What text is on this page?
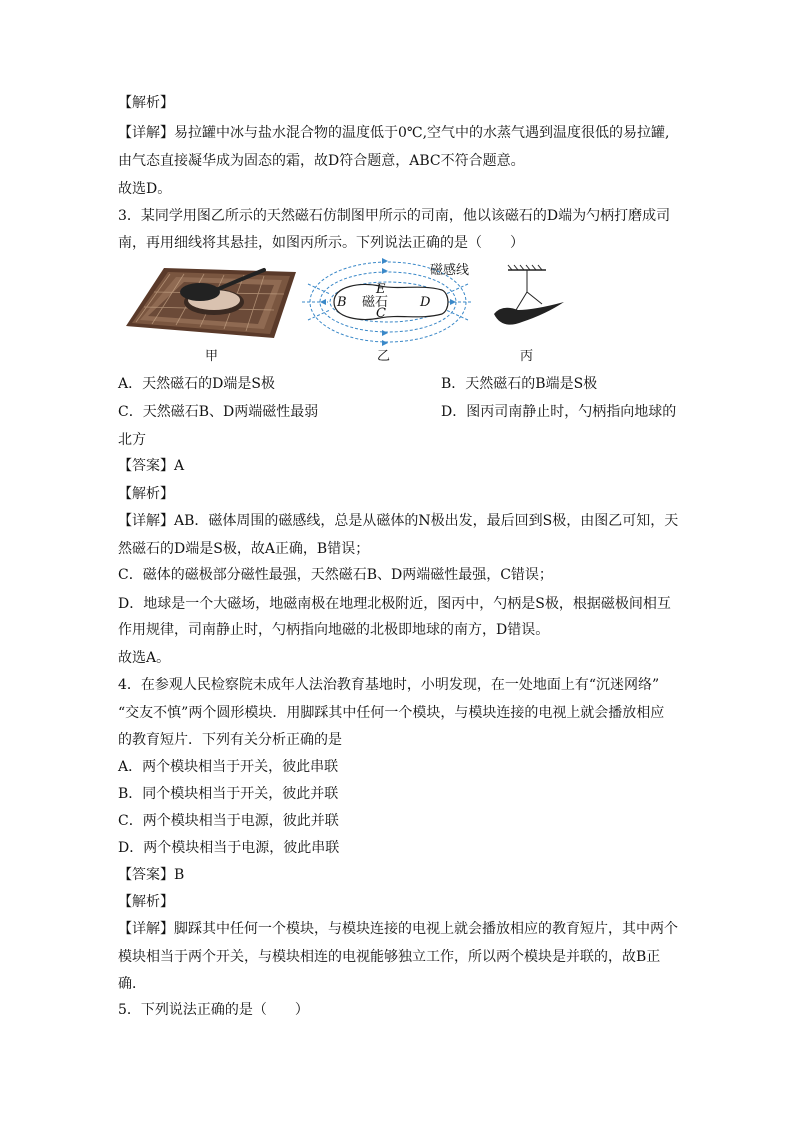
【解析】
【详解】易拉罐中冰与盐水混合物的温度低于0℃,空气中的水蒸气遇到温度很低的易拉罐,
由气态直接凝华成为固态的霜，故D符合题意，ABC不符合题意。
故选D。
3．某同学用图乙所示的天然磁石仿制图甲所示的司南，他以该磁石的D端为勺柄打磨成司
南，再用细线将其悬挂，如图丙所示。下列说法正确的是（　　）
甲
B 磁石
E
C
D
磁感线
乙	丙
A．天然磁石的D端是S极	B．天然磁石的B端是S极
C．天然磁石B、D两端磁性最弱	D．图丙司南静止时，勺柄指向地球的
北方
【答案】A
【解析】
【详解】AB．磁体周围的磁感线，总是从磁体的N极出发，最后回到S极，由图乙可知，天
然磁石的D端是S极，故A正确，B错误；
C．磁体的磁极部分磁性最强，天然磁石B、D两端磁性最强，C错误；
D．地球是一个大磁场，地磁南极在地理北极附近，图丙中，勺柄是S极，根据磁极间相互
作用规律，司南静止时，勺柄指向地磁的北极即地球的南方，D错误。
故选A。
4．在参观人民检察院未成年人法治教育基地时，小明发现，在一处地面上有“沉迷网络”
“交友不慎”两个圆形模块．用脚踩其中任何一个模块，与模块连接的电视上就会播放相应
的教育短片．下列有关分析正确的是
A．两个模块相当于开关，彼此串联
B．同个模块相当于开关，彼此并联
C．两个模块相当于电源，彼此并联
D．两个模块相当于电源，彼此串联
【答案】B
【解析】
【详解】脚踩其中任何一个模块，与模块连接的电视上就会播放相应的教育短片，其中两个
模块相当于两个开关，与模块相连的电视能够独立工作，所以两个模块是并联的，故B正
确．
5．下列说法正确的是（　　）
